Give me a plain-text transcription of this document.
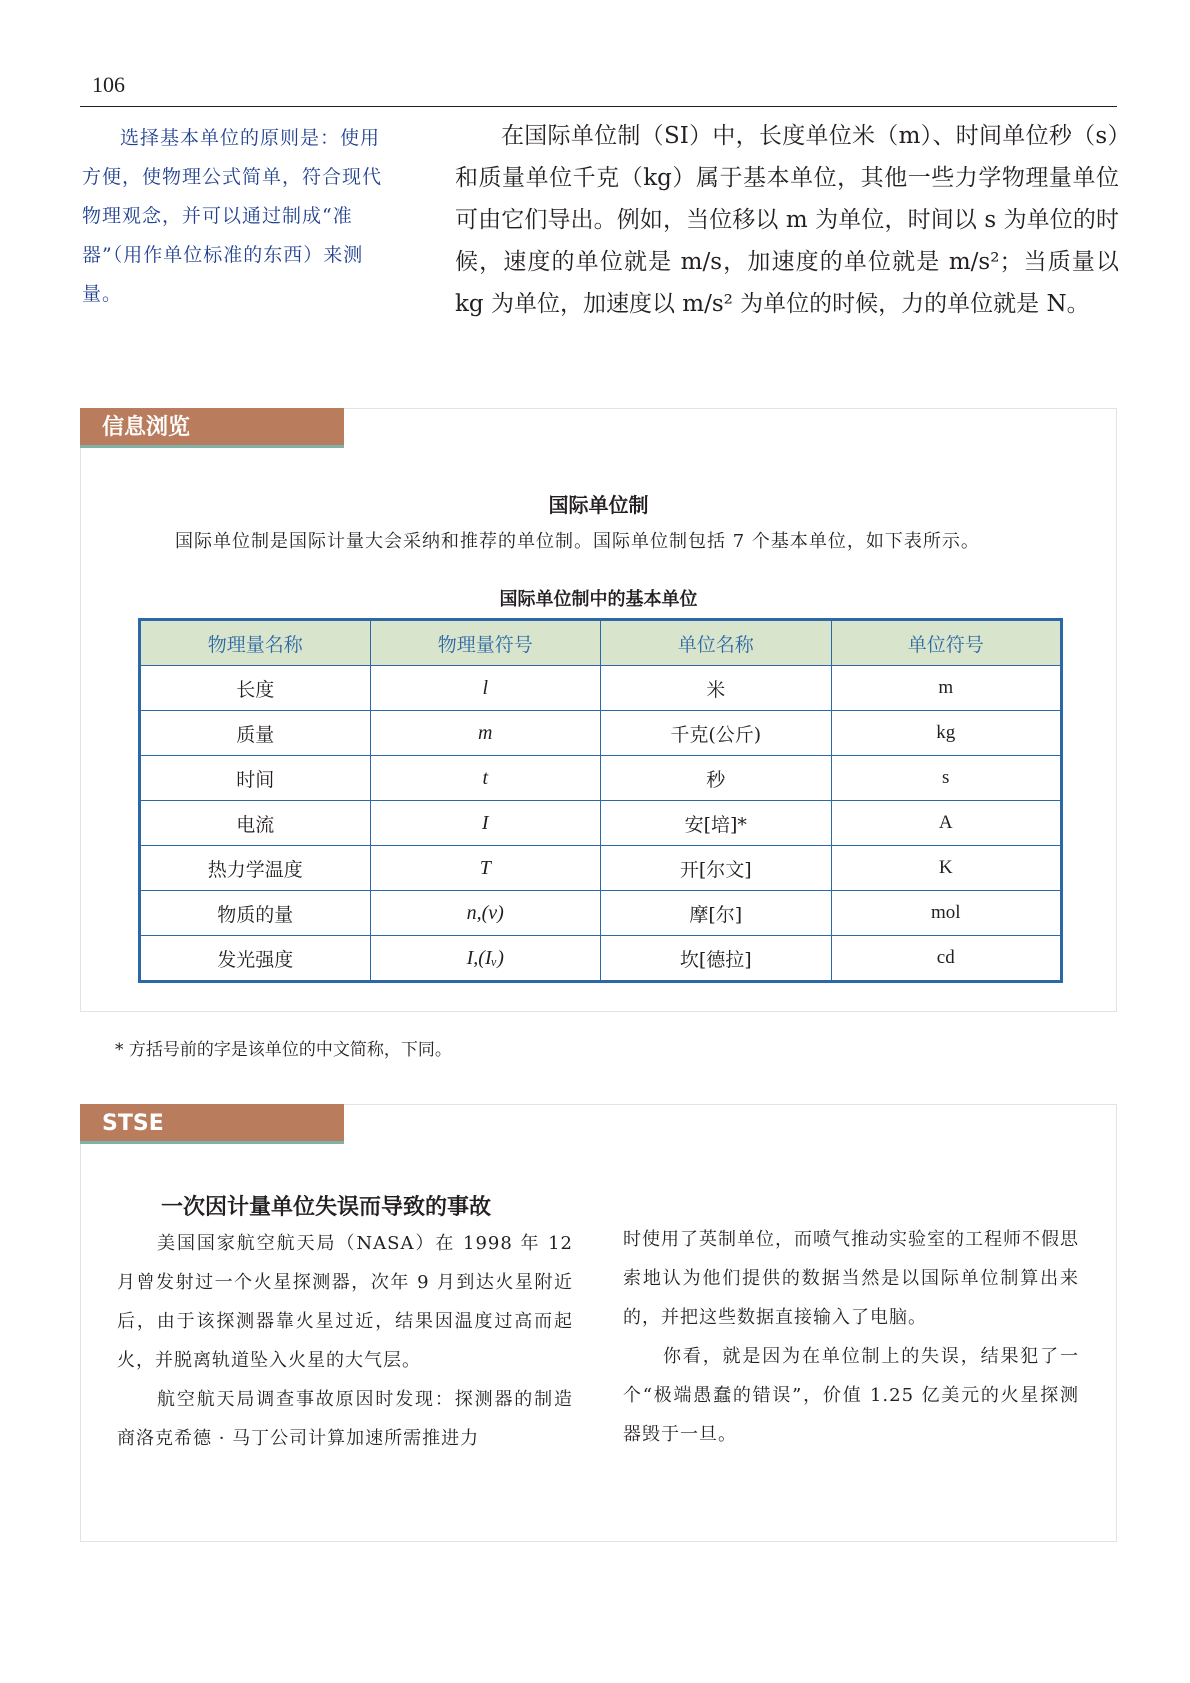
106

选择基本单位的原则是：使用方便，使物理公式简单，符合现代物理观念，并可以通过制成“准器”（用作单位标准的东西）来测量。

在国际单位制（SI）中，长度单位米（m）、时间单位秒（s）和质量单位千克（kg）属于基本单位，其他一些力学物理量单位可由它们导出。例如，当位移以 m 为单位，时间以 s 为单位的时候，速度的单位就是 m/s，加速度的单位就是 m/s²；当质量以 kg 为单位，加速度以 m/s² 为单位的时候，力的单位就是 N。

信息浏览
国际单位制

国际单位制是国际计量大会采纳和推荐的单位制。国际单位制包括 7 个基本单位，如下表所示。

国际单位制中的基本单位
物理量名称	物理量符号	单位名称	单位符号
长度	l	米	m
质量	m	千克(公斤)	kg
时间	t	秒	s
电流	I	安[培]*	A
热力学温度	T	开[尔文]	K
物质的量	n,(ν)	摩[尔]	mol
发光强度	I,(Iᵥ)	坎[德拉]	cd

* 方括号前的字是该单位的中文简称，下同。

STSE
一次因计量单位失误而导致的事故

美国国家航空航天局（NASA）在 1998 年 12 月曾发射过一个火星探测器，次年 9 月到达火星附近后，由于该探测器靠火星过近，结果因温度过高而起火，并脱离轨道坠入火星的大气层。

航空航天局调查事故原因时发现：探测器的制造商洛克希德 · 马丁公司计算加速所需推进力

时使用了英制单位，而喷气推动实验室的工程师不假思索地认为他们提供的数据当然是以国际单位制算出来的，并把这些数据直接输入了电脑。

你看，就是因为在单位制上的失误，结果犯了一个“极端愚蠢的错误”，价值 1.25 亿美元的火星探测器毁于一旦。
